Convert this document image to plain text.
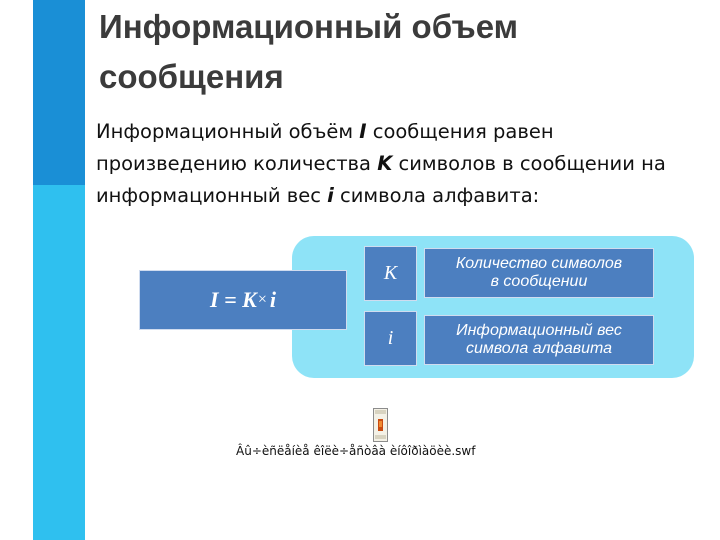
Информационный объем
сообщения

Информационный объём I сообщения равен произведению количества K символов в сообщении на информационный вес i символа алфавита:

I = K × i
K	Количество символов
в сообщении
i	Информационный вес
символа алфавита
Âû÷èñëåíèå êîëè÷åñòâà èíôîðìàöèè.swf
